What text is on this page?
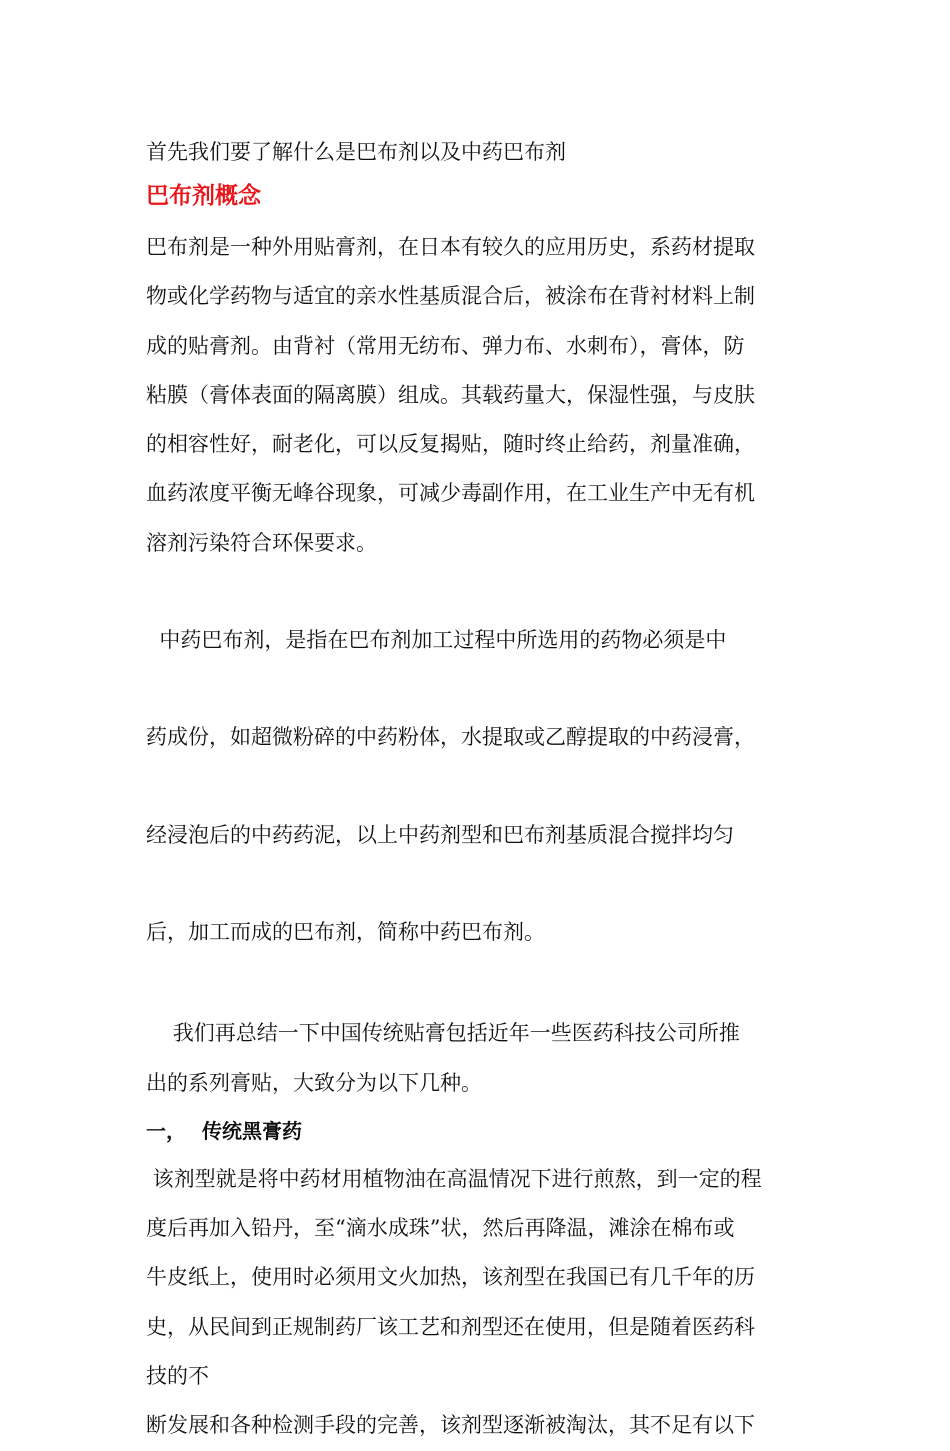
首先我们要了解什么是巴布剂以及中药巴布剂
巴布剂概念
巴布剂是一种外用贴膏剂，在日本有较久的应用历史，系药材提取
物或化学药物与适宜的亲水性基质混合后，被涂布在背衬材料上制
成的贴膏剂。由背衬（常用无纺布、弹力布、水刺布），膏体，防
粘膜（膏体表面的隔离膜）组成。其载药量大，保湿性强，与皮肤
的相容性好，耐老化，可以反复揭贴，随时终止给药，剂量准确，
血药浓度平衡无峰谷现象，可减少毒副作用，在工业生产中无有机
溶剂污染符合环保要求。

中药巴布剂，是指在巴布剂加工过程中所选用的药物必须是中

药成份，如超微粉碎的中药粉体，水提取或乙醇提取的中药浸膏，

经浸泡后的中药药泥，以上中药剂型和巴布剂基质混合搅拌均匀

后，加工而成的巴布剂，简称中药巴布剂。

我们再总结一下中国传统贴膏包括近年一些医药科技公司所推
出的系列膏贴，大致分为以下几种。
一， 传统黑膏药
该剂型就是将中药材用植物油在高温情况下进行煎熬，到一定的程
度后再加入铅丹，至“滴水成珠”状，然后再降温，滩涂在棉布或
牛皮纸上，使用时必须用文火加热，该剂型在我国已有几千年的历
史，从民间到正规制药厂该工艺和剂型还在使用，但是随着医药科
技的不
断发展和各种检测手段的完善，该剂型逐渐被淘汰，其不足有以下
